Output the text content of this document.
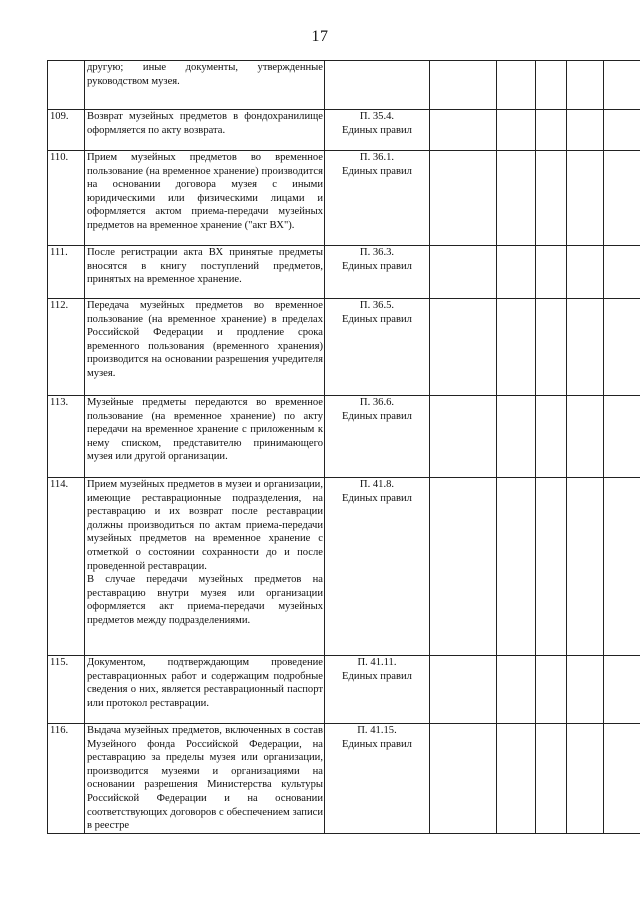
17

	другую; иные документы, утвержденные руководством музея.						

109.	Возврат музейных предметов в фондохранилище оформляется по акту возврата.	П. 35.4.
Единых правил					
110.	Прием музейных предметов во временное пользование (на временное хранение) производится на основании договора музея с иными юридическими или физическими лицами и оформляется актом приема-передачи музейных предметов на временное хранение ("акт ВХ").	П. 36.1.
Единых правил					
111.	После регистрации акта ВХ принятые предметы вносятся в книгу поступлений предметов, принятых на временное хранение.	П. 36.3.
Единых правил					
112.	Передача музейных предметов во временное пользование (на временное хранение) в пределах Российской Федерации и продление срока временного пользования (временного хранения) производится на основании разрешения учредителя музея.	П. 36.5.
Единых правил					
113.	Музейные предметы передаются во временное пользование (на временное хранение) по акту передачи на временное хранение с приложенным к нему списком, представителю принимающего музея или другой организации.	П. 36.6.
Единых правил					
114.	Прием музейных предметов в музеи и организации, имеющие реставрационные подразделения, на реставрацию и их возврат после реставрации должны производиться по актам приема-передачи музейных предметов на временное хранение с отметкой о состоянии сохранности до и после проведенной реставрации.
В случае передачи музейных предметов на реставрацию внутри музея или организации оформляется акт приема-передачи музейных предметов между подразделениями.	П. 41.8.
Единых правил					
115.	Документом, подтверждающим проведение реставрационных работ и содержащим подробные сведения о них, является реставрационный паспорт или протокол реставрации.	П. 41.11.
Единых правил					
116.	Выдача музейных предметов, включенных в состав Музейного фонда Российской Федерации, на реставрацию за пределы музея или организации, производится музеями и организациями на основании разрешения Министерства культуры Российской Федерации и на основании соответствующих договоров с обеспечением записи в реестре	П. 41.15.
Единых правил					
